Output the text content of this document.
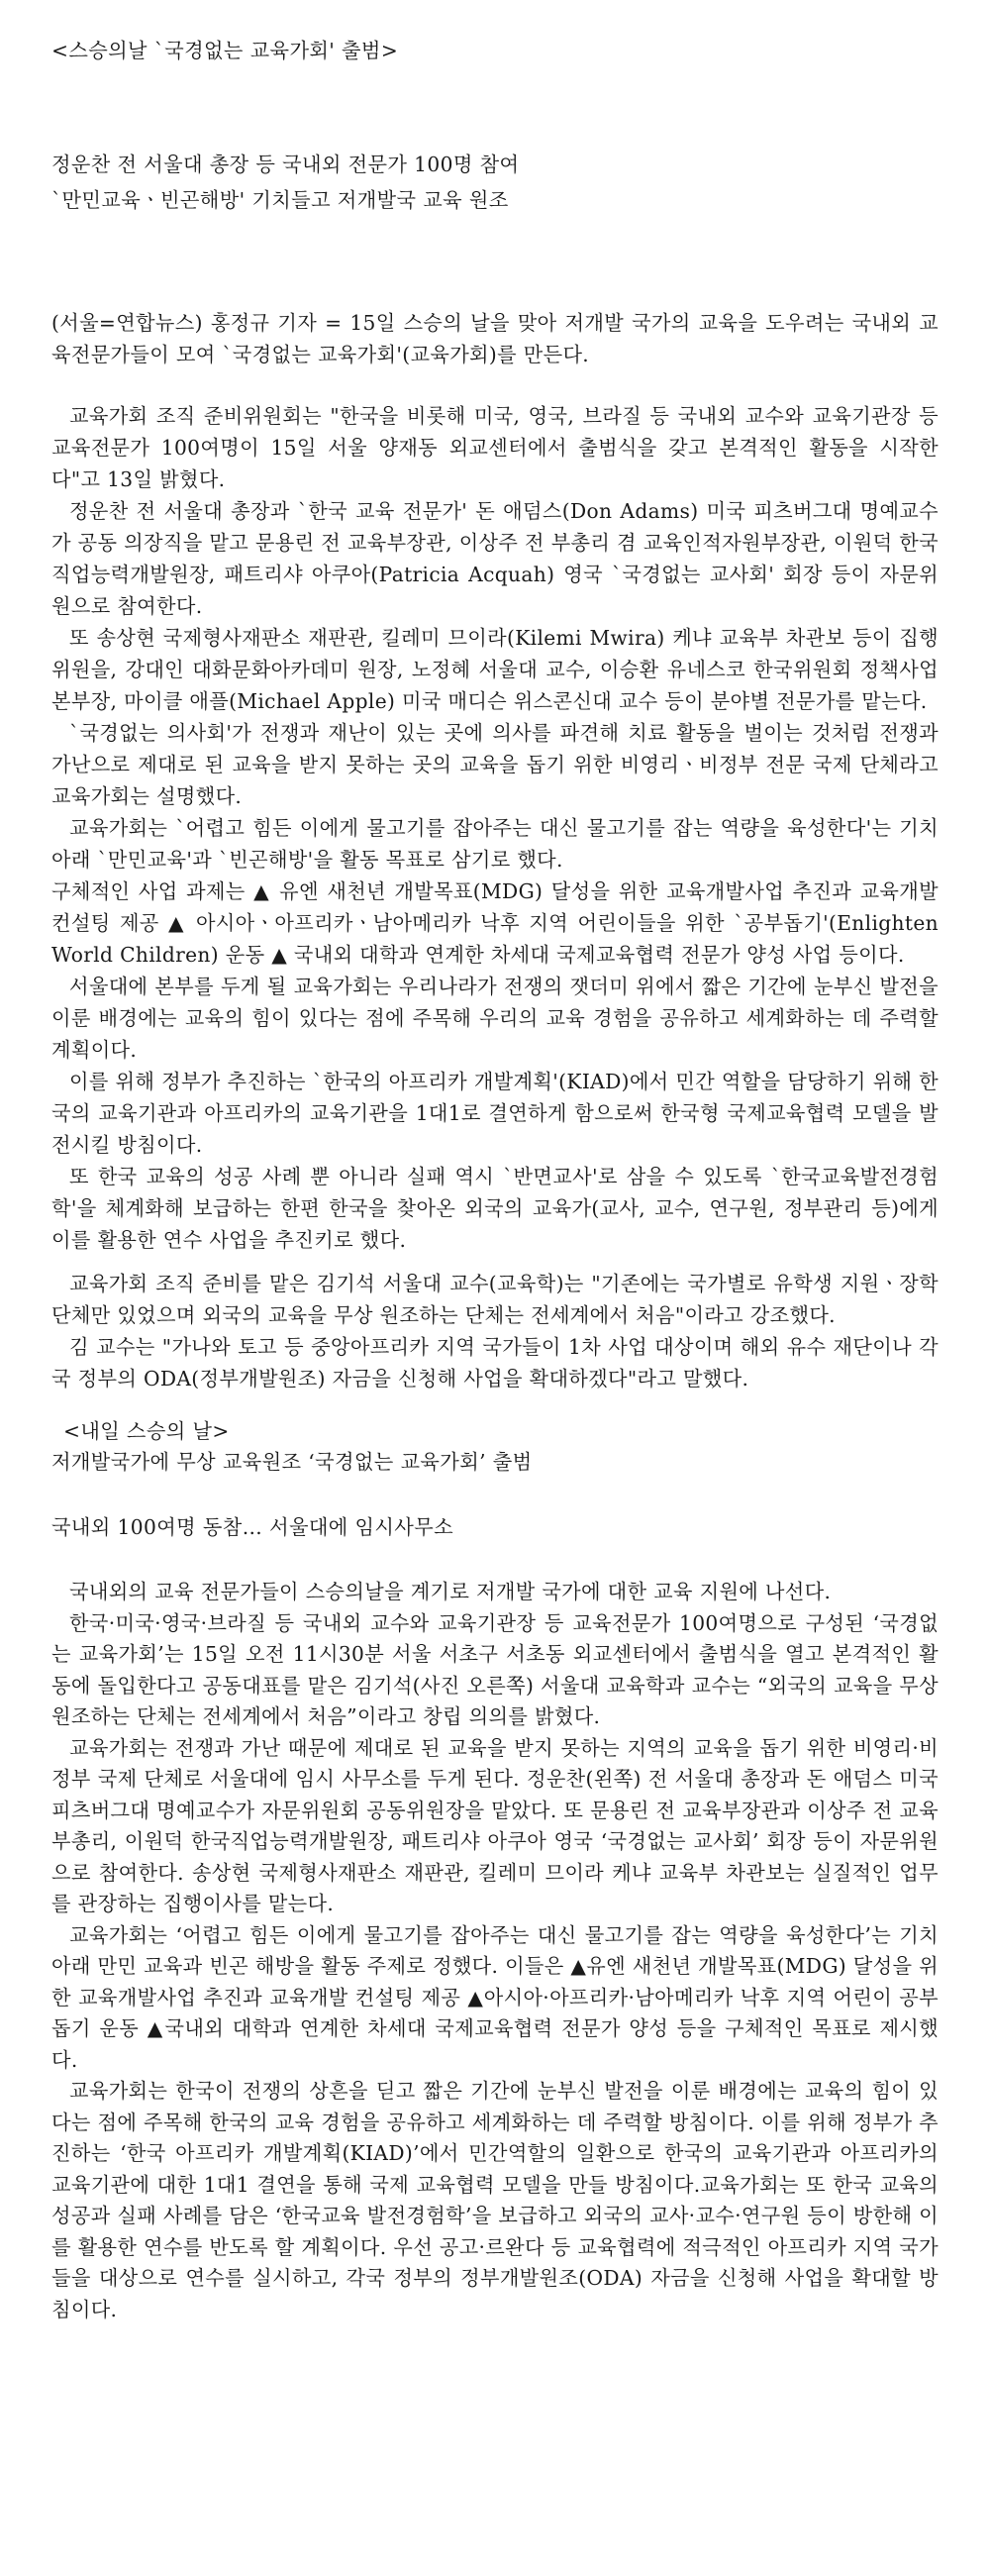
<스승의날 `국경없는 교육가회' 출범>
정운찬 전 서울대 총장 등 국내외 전문가 100명 참여
`만민교육ㆍ빈곤해방' 기치들고 저개발국 교육 원조
(서울=연합뉴스) 홍정규 기자 = 15일 스승의 날을 맞아 저개발 국가의 교육을 도우려는 국내외 교육전문가들이 모여 `국경없는 교육가회'(교육가회)를 만든다.
교육가회 조직 준비위원회는 "한국을 비롯해 미국, 영국, 브라질 등 국내외 교수와 교육기관장 등 교육전문가 100여명이 15일 서울 양재동 외교센터에서 출범식을 갖고 본격적인 활동을 시작한다"고 13일 밝혔다.
정운찬 전 서울대 총장과 `한국 교육 전문가' 돈 애덤스(Don Adams) 미국 피츠버그대 명예교수가 공동 의장직을 맡고 문용린 전 교육부장관, 이상주 전 부총리 겸 교육인적자원부장관, 이원덕 한국직업능력개발원장, 패트리샤 아쿠아(Patricia Acquah) 영국 `국경없는 교사회' 회장 등이 자문위원으로 참여한다.
또 송상현 국제형사재판소 재판관, 킬레미 므이라(Kilemi Mwira) 케냐 교육부 차관보 등이 집행위원을, 강대인 대화문화아카데미 원장, 노정혜 서울대 교수, 이승환 유네스코 한국위원회 정책사업본부장, 마이클 애플(Michael Apple) 미국 매디슨 위스콘신대 교수 등이 분야별 전문가를 맡는다.
`국경없는 의사회'가 전쟁과 재난이 있는 곳에 의사를 파견해 치료 활동을 벌이는 것처럼 전쟁과 가난으로 제대로 된 교육을 받지 못하는 곳의 교육을 돕기 위한 비영리ㆍ비정부 전문 국제 단체라고 교육가회는 설명했다.
교육가회는 `어렵고 힘든 이에게 물고기를 잡아주는 대신 물고기를 잡는 역량을 육성한다'는 기치 아래 `만민교육'과 `빈곤해방'을 활동 목표로 삼기로 했다.
구체적인 사업 과제는 ▲ 유엔 새천년 개발목표(MDG) 달성을 위한 교육개발사업 추진과 교육개발 컨설팅 제공 ▲ 아시아ㆍ아프리카ㆍ남아메리카 낙후 지역 어린이들을 위한 `공부돕기'(Enlighten World Children) 운동 ▲ 국내외 대학과 연계한 차세대 국제교육협력 전문가 양성 사업 등이다.
서울대에 본부를 두게 될 교육가회는 우리나라가 전쟁의 잿더미 위에서 짧은 기간에 눈부신 발전을 이룬 배경에는 교육의 힘이 있다는 점에 주목해 우리의 교육 경험을 공유하고 세계화하는 데 주력할 계획이다.
이를 위해 정부가 추진하는 `한국의 아프리카 개발계획'(KIAD)에서 민간 역할을 담당하기 위해 한국의 교육기관과 아프리카의 교육기관을 1대1로 결연하게 함으로써 한국형 국제교육협력 모델을 발전시킬 방침이다.
또 한국 교육의 성공 사례 뿐 아니라 실패 역시 `반면교사'로 삼을 수 있도록 `한국교육발전경험학'을 체계화해 보급하는 한편 한국을 찾아온 외국의 교육가(교사, 교수, 연구원, 정부관리 등)에게 이를 활용한 연수 사업을 추진키로 했다.
교육가회 조직 준비를 맡은 김기석 서울대 교수(교육학)는 "기존에는 국가별로 유학생 지원ㆍ장학 단체만 있었으며 외국의 교육을 무상 원조하는 단체는 전세계에서 처음"이라고 강조했다.
김 교수는 "가나와 토고 등 중앙아프리카 지역 국가들이 1차 사업 대상이며 해외 유수 재단이나 각국 정부의 ODA(정부개발원조) 자금을 신청해 사업을 확대하겠다"라고 말했다.
<내일 스승의 날>
저개발국가에 무상 교육원조 ‘국경없는 교육가회’ 출범
국내외 100여명 동참… 서울대에 임시사무소
국내외의 교육 전문가들이 스승의날을 계기로 저개발 국가에 대한 교육 지원에 나선다.
한국·미국·영국·브라질 등 국내외 교수와 교육기관장 등 교육전문가 100여명으로 구성된 ‘국경없는 교육가회’는 15일 오전 11시30분 서울 서초구 서초동 외교센터에서 출범식을 열고 본격적인 활동에 돌입한다고 공동대표를 맡은 김기석(사진 오른쪽) 서울대 교육학과 교수는 “외국의 교육을 무상 원조하는 단체는 전세계에서 처음”이라고 창립 의의를 밝혔다.
교육가회는 전쟁과 가난 때문에 제대로 된 교육을 받지 못하는 지역의 교육을 돕기 위한 비영리·비정부 국제 단체로 서울대에 임시 사무소를 두게 된다. 정운찬(왼쪽) 전 서울대 총장과 돈 애덤스 미국 피츠버그대 명예교수가 자문위원회 공동위원장을 맡았다. 또 문용린 전 교육부장관과 이상주 전 교육부총리, 이원덕 한국직업능력개발원장, 패트리샤 아쿠아 영국 ‘국경없는 교사회’ 회장 등이 자문위원으로 참여한다. 송상현 국제형사재판소 재판관, 킬레미 므이라 케냐 교육부 차관보는 실질적인 업무를 관장하는 집행이사를 맡는다.
교육가회는 ‘어렵고 힘든 이에게 물고기를 잡아주는 대신 물고기를 잡는 역량을 육성한다’는 기치 아래 만민 교육과 빈곤 해방을 활동 주제로 정했다. 이들은 ▲유엔 새천년 개발목표(MDG) 달성을 위한 교육개발사업 추진과 교육개발 컨설팅 제공 ▲아시아·아프리카·남아메리카 낙후 지역 어린이 공부돕기 운동 ▲국내외 대학과 연계한 차세대 국제교육협력 전문가 양성 등을 구체적인 목표로 제시했다.
교육가회는 한국이 전쟁의 상흔을 딛고 짧은 기간에 눈부신 발전을 이룬 배경에는 교육의 힘이 있다는 점에 주목해 한국의 교육 경험을 공유하고 세계화하는 데 주력할 방침이다. 이를 위해 정부가 추진하는 ‘한국 아프리카 개발계획(KIAD)’에서 민간역할의 일환으로 한국의 교육기관과 아프리카의 교육기관에 대한 1대1 결연을 통해 국제 교육협력 모델을 만들 방침이다.교육가회는 또 한국 교육의 성공과 실패 사례를 담은 ‘한국교육 발전경험학’을 보급하고 외국의 교사·교수·연구원 등이 방한해 이를 활용한 연수를 반도록 할 계획이다. 우선 공고·르완다 등 교육협력에 적극적인 아프리카 지역 국가들을 대상으로 연수를 실시하고, 각국 정부의 정부개발원조(ODA) 자금을 신청해 사업을 확대할 방침이다.
